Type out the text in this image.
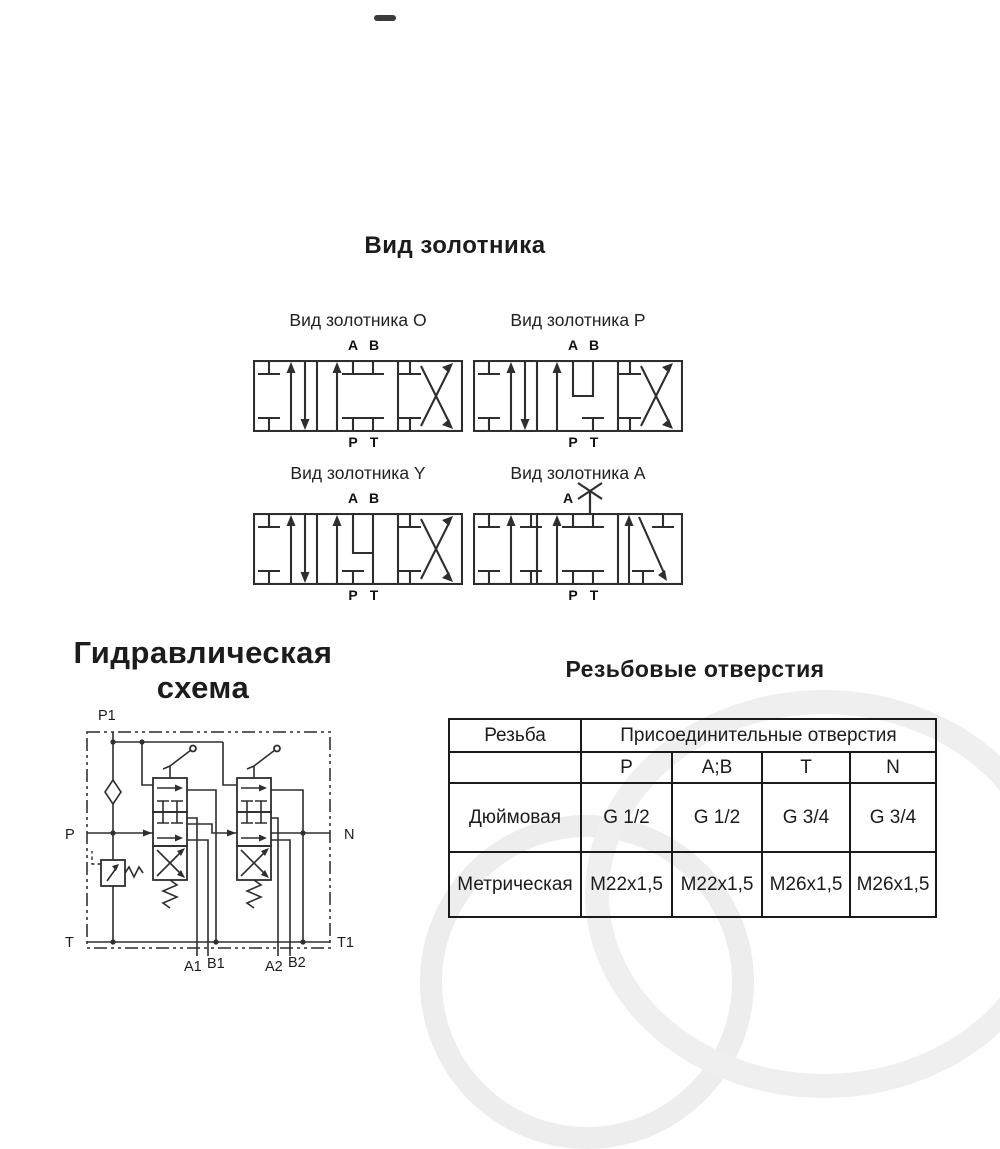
Вид золотника
Вид золотника O
A B
P T
Вид золотника P
A B
P T
Вид золотника Y
A B
P T
Вид золотника A
A
P T
Гидравлическая
схема
P1
P	N
T	T1
A1 B1	A2 B2
Резьбовые отверстия
Резьба	Присоединительные отверстия			
	P	A;B	T	N
Дюймовая	G 1/2	G 1/2	G 3/4	G 3/4
Метрическая	M22x1,5	M22x1,5	M26x1,5	M26x1,5
